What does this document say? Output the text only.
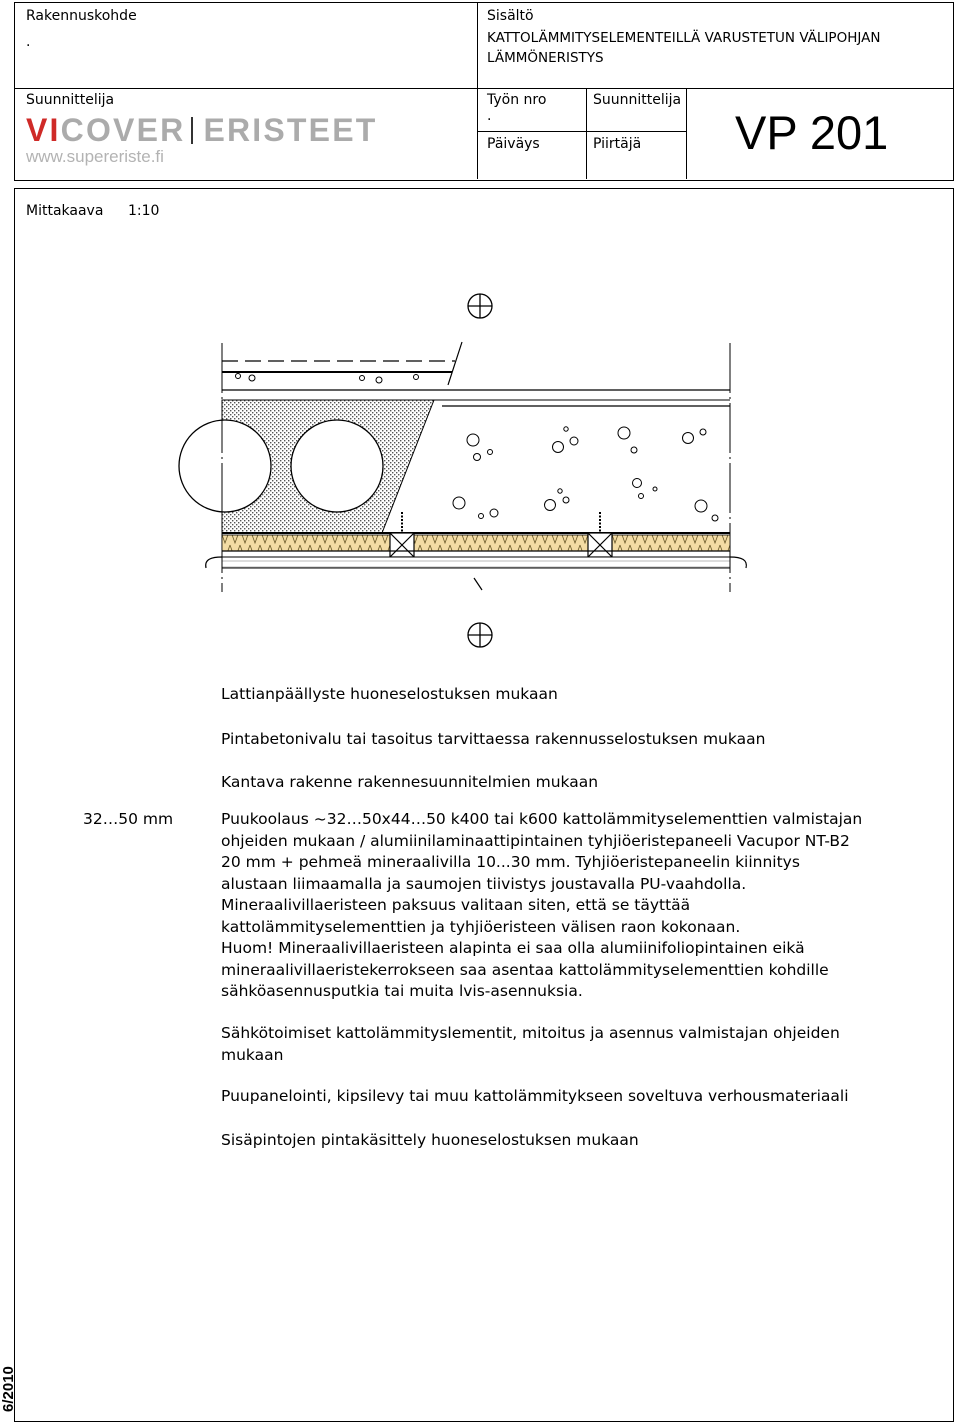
Rakennuskohde
.
Sisältö
KATTOLÄMMITYSELEMENTEILLÄ VARUSTETUN VÄLIPOHJAN
LÄMMÖNERISTYS
Suunnittelija
VICOVER ERISTEET
www.supereriste.fi
Työn nro
.
Suunnittelija
Päiväys	Piirtäjä VP 201
Mittakaava 1:10
Lattianpäällyste huoneselostuksen mukaan
Pintabetonivalu tai tasoitus tarvittaessa rakennusselostuksen mukaan
Kantava rakenne rakennesuunnitelmien mukaan
32…50 mm	Puukoolaus ~32…50x44…50 k400 tai k600 kattolämmityselementtien valmistajan
ohjeiden mukaan / alumiinilaminaattipintainen tyhjiöeristepaneeli Vacupor NT-B2
20 mm + pehmeä mineraalivilla 10...30 mm. Tyhjiöeristepaneelin kiinnitys
alustaan liimaamalla ja saumojen tiivistys joustavalla PU-vaahdolla.
Mineraalivillaeristeen paksuus valitaan siten, että se täyttää
kattolämmityselementtien ja tyhjiöeristeen välisen raon kokonaan.
Huom! Mineraalivillaeristeen alapinta ei saa olla alumiinifoliopintainen eikä
mineraalivillaeristekerrokseen saa asentaa kattolämmityselementtien kohdille
sähköasennusputkia tai muita lvis-asennuksia.
Sähkötoimiset kattolämmityslementit, mitoitus ja asennus valmistajan ohjeiden
mukaan
Puupanelointi, kipsilevy tai muu kattolämmitykseen soveltuva verhousmateriaali
Sisäpintojen pintakäsittely huoneselostuksen mukaan
6/2010
